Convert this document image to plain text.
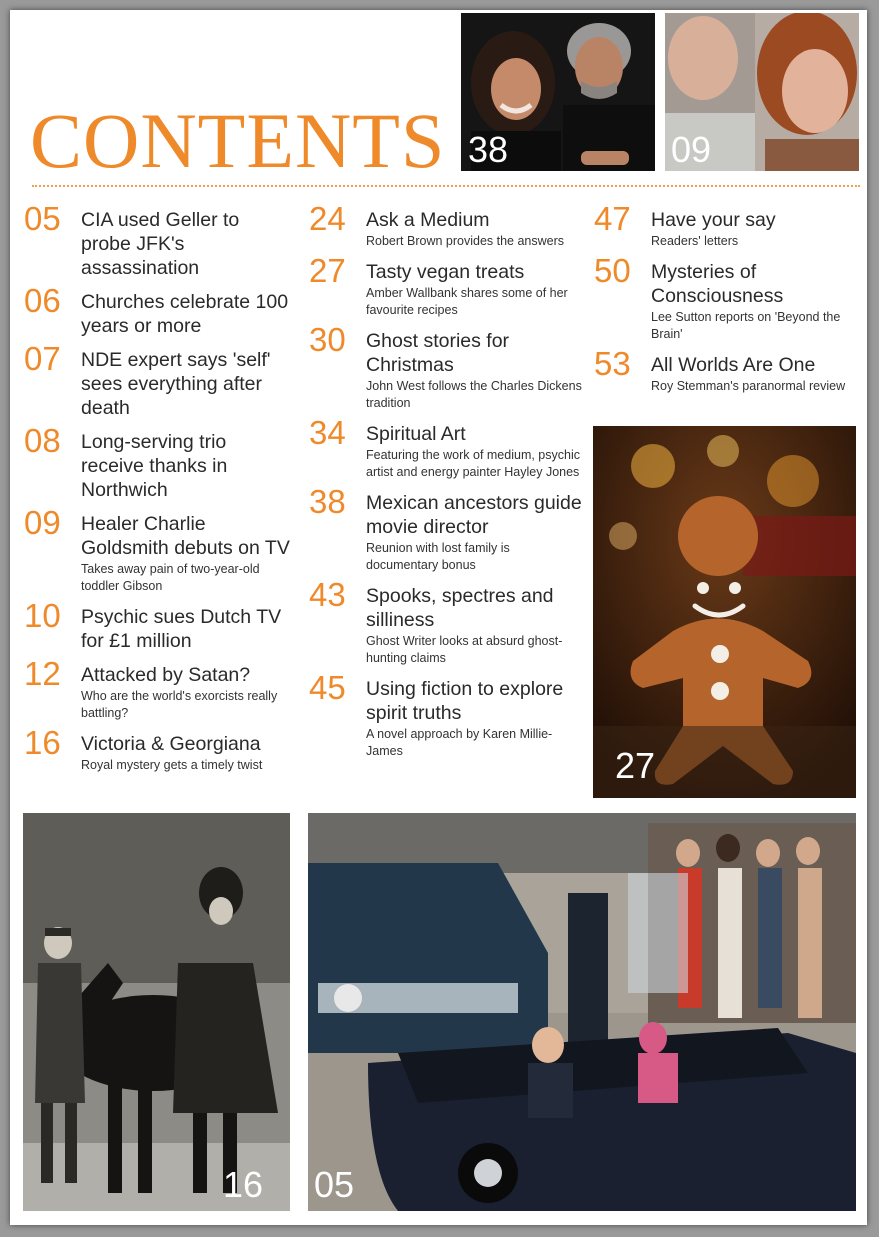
38	09
CONTENTS
05 CIA used Geller to probe JFK's assassination
06 Churches celebrate 100 years or more
07 NDE expert says 'self' sees everything after death
08 Long-serving trio receive thanks in Northwich
09 Healer Charlie Goldsmith debuts on TV
Takes away pain of two-year-old toddler Gibson
10 Psychic sues Dutch TV for £1 million
12 Attacked by Satan?
Who are the world's exorcists really battling?
16 Victoria & Georgiana
Royal mystery gets a timely twist
24 Ask a Medium
Robert Brown provides the answers
27 Tasty vegan treats
Amber Wallbank shares some of her favourite recipes
30 Ghost stories for Christmas
John West follows the Charles Dickens tradition
34 Spiritual Art
Featuring the work of medium, psychic artist and energy painter Hayley Jones
38 Mexican ancestors guide movie director
Reunion with lost family is documentary bonus
43 Spooks, spectres and silliness
Ghost Writer looks at absurd ghost-hunting claims
45 Using fiction to explore spirit truths
A novel approach by Karen Millie-James
47 Have your say
Readers' letters
50 Mysteries of Consciousness
Lee Sutton reports on 'Beyond the Brain'
53 All Worlds Are One
Roy Stemman's paranormal review
27
16 05
